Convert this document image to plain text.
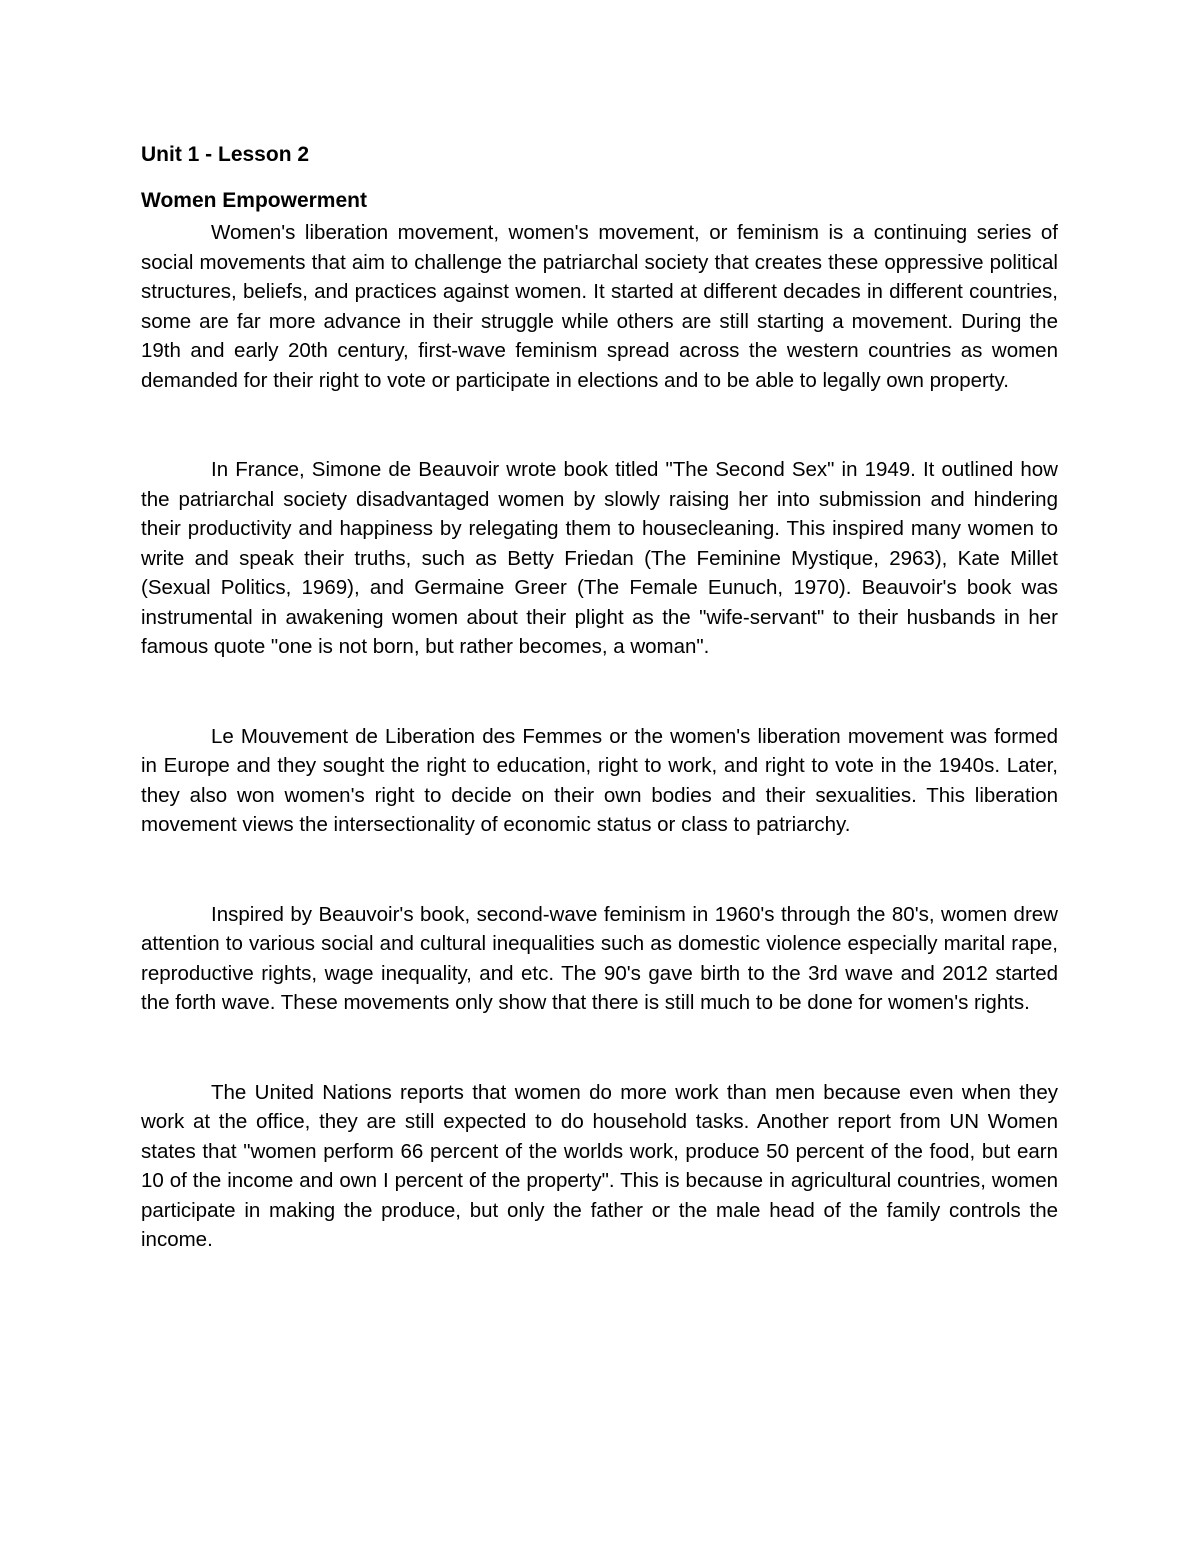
Unit 1 - Lesson 2
Women Empowerment

Women's liberation movement, women's movement, or feminism is a continuing series of social movements that aim to challenge the patriarchal society that creates these oppressive political structures, beliefs, and practices against women. It started at different decades in different countries, some are far more advance in their struggle while others are still starting a movement. During the 19th and early 20th century, first-wave feminism spread across the western countries as women demanded for their right to vote or participate in elections and to be able to legally own property.

In France, Simone de Beauvoir wrote book titled "The Second Sex" in 1949. It outlined how the patriarchal society disadvantaged women by slowly raising her into submission and hindering their productivity and happiness by relegating them to housecleaning. This inspired many women to write and speak their truths, such as Betty Friedan (The Feminine Mystique, 2963), Kate Millet (Sexual Politics, 1969), and Germaine Greer (The Female Eunuch, 1970). Beauvoir's book was instrumental in awakening women about their plight as the "wife-servant" to their husbands in her famous quote "one is not born, but rather becomes, a woman".

Le Mouvement de Liberation des Femmes or the women's liberation movement was formed in Europe and they sought the right to education, right to work, and right to vote in the 1940s. Later, they also won women's right to decide on their own bodies and their sexualities. This liberation movement views the intersectionality of economic status or class to patriarchy.

Inspired by Beauvoir's book, second-wave feminism in 1960's through the 80's, women drew attention to various social and cultural inequalities such as domestic violence especially marital rape, reproductive rights, wage inequality, and etc. The 90's gave birth to the 3rd wave and 2012 started the forth wave. These movements only show that there is still much to be done for women's rights.

The United Nations reports that women do more work than men because even when they work at the office, they are still expected to do household tasks. Another report from UN Women states that "women perform 66 percent of the worlds work, produce 50 percent of the food, but earn 10 of the income and own I percent of the property". This is because in agricultural countries, women participate in making the produce, but only the father or the male head of the family controls the income.
